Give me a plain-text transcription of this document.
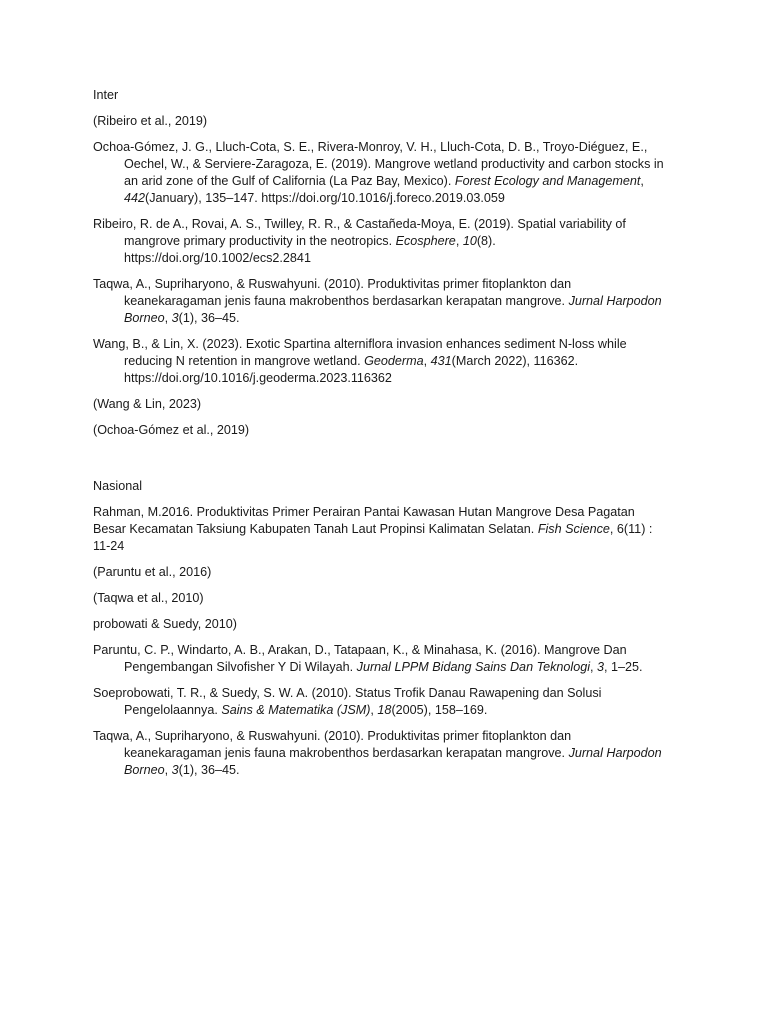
Inter

(Ribeiro et al., 2019)

Ochoa-Gómez, J. G., Lluch-Cota, S. E., Rivera-Monroy, V. H., Lluch-Cota, D. B., Troyo-Diéguez, E., Oechel, W., & Serviere-Zaragoza, E. (2019). Mangrove wetland productivity and carbon stocks in an arid zone of the Gulf of California (La Paz Bay, Mexico). Forest Ecology and Management, 442(January), 135–147. https://doi.org/10.1016/j.foreco.2019.03.059

Ribeiro, R. de A., Rovai, A. S., Twilley, R. R., & Castañeda-Moya, E. (2019). Spatial variability of mangrove primary productivity in the neotropics. Ecosphere, 10(8). https://doi.org/10.1002/ecs2.2841

Taqwa, A., Supriharyono, & Ruswahyuni. (2010). Produktivitas primer fitoplankton dan keanekaragaman jenis fauna makrobenthos berdasarkan kerapatan mangrove. Jurnal Harpodon Borneo, 3(1), 36–45.

Wang, B., & Lin, X. (2023). Exotic Spartina alterniflora invasion enhances sediment N-loss while reducing N retention in mangrove wetland. Geoderma, 431(March 2022), 116362. https://doi.org/10.1016/j.geoderma.2023.116362

(Wang & Lin, 2023)

(Ochoa-Gómez et al., 2019)

Nasional

Rahman, M.2016. Produktivitas Primer Perairan Pantai Kawasan Hutan Mangrove Desa Pagatan Besar Kecamatan Taksiung Kabupaten Tanah Laut Propinsi Kalimatan Selatan. Fish Science, 6(11) : 11-24

(Paruntu et al., 2016)

(Taqwa et al., 2010)

probowati & Suedy, 2010)

Paruntu, C. P., Windarto, A. B., Arakan, D., Tatapaan, K., & Minahasa, K. (2016). Mangrove Dan Pengembangan Silvofisher Y Di Wilayah. Jurnal LPPM Bidang Sains Dan Teknologi, 3, 1–25.

Soeprobowati, T. R., & Suedy, S. W. A. (2010). Status Trofik Danau Rawapening dan Solusi Pengelolaannya. Sains & Matematika (JSM), 18(2005), 158–169.

Taqwa, A., Supriharyono, & Ruswahyuni. (2010). Produktivitas primer fitoplankton dan keanekaragaman jenis fauna makrobenthos berdasarkan kerapatan mangrove. Jurnal Harpodon Borneo, 3(1), 36–45.
